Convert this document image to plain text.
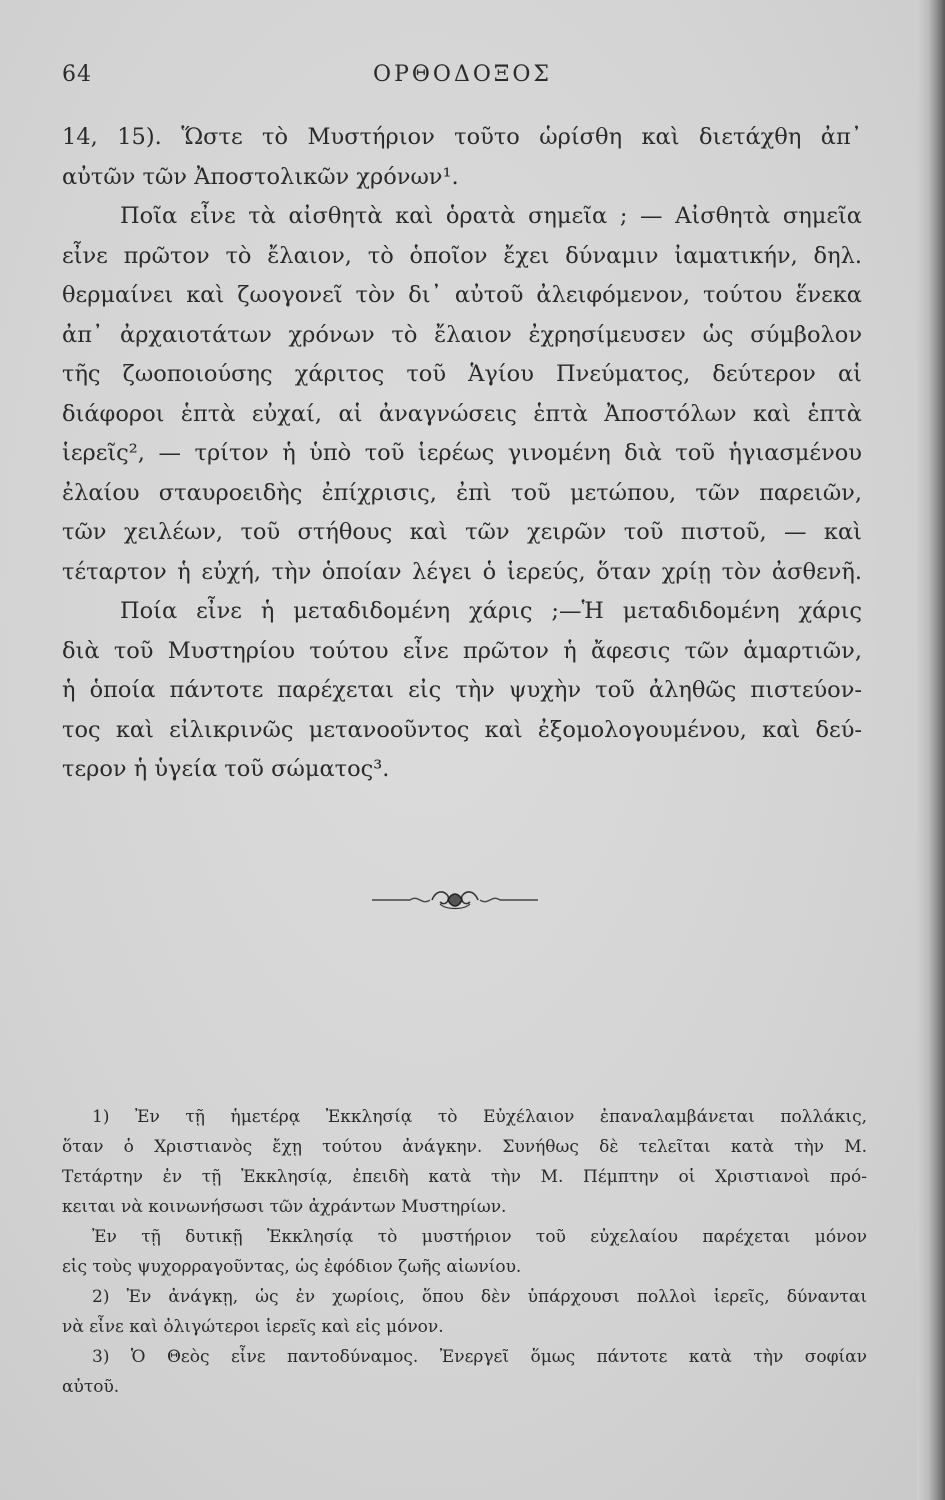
64	ΟΡΘΟΔΟΞΟΣ
14, 15). Ὥστε τὸ Μυστήριον τοῦτο ὡρίσθη καὶ διετάχθη ἀπ᾽
αὐτῶν τῶν Ἀποστολικῶν χρόνων¹.
Ποῖα εἶνε τὰ αἰσθητὰ καὶ ὁρατὰ σημεῖα ; — Αἰσθητὰ σημεῖα
εἶνε πρῶτον τὸ ἔλαιον, τὸ ὁποῖον ἔχει δύναμιν ἰαματικήν, δηλ.
θερμαίνει καὶ ζωογονεῖ τὸν δι᾽ αὐτοῦ ἀλειφόμενον, τούτου ἕνεκα
ἀπ᾽ ἀρχαιοτάτων χρόνων τὸ ἔλαιον ἐχρησίμευσεν ὡς σύμβολον
τῆς ζωοποιούσης χάριτος τοῦ Ἁγίου Πνεύματος, δεύτερον αἱ
διάφοροι ἑπτὰ εὐχαί, αἱ ἀναγνώσεις ἑπτὰ Ἀποστόλων καὶ ἑπτὰ
ἱερεῖς², — τρίτον ἡ ὑπὸ τοῦ ἱερέως γινομένη διὰ τοῦ ἡγιασμένου
ἐλαίου σταυροειδὴς ἐπίχρισις, ἐπὶ τοῦ μετώπου, τῶν παρειῶν,
τῶν χειλέων, τοῦ στήθους καὶ τῶν χειρῶν τοῦ πιστοῦ, — καὶ
τέταρτον ἡ εὐχή, τὴν ὁποίαν λέγει ὁ ἱερεύς, ὅταν χρίῃ τὸν ἀσθενῆ.
Ποία εἶνε ἡ μεταδιδομένη χάρις ;—Ἡ μεταδιδομένη χάρις
διὰ τοῦ Μυστηρίου τούτου εἶνε πρῶτον ἡ ἄφεσις τῶν ἁμαρτιῶν,
ἡ ὁποία πάντοτε παρέχεται εἰς τὴν ψυχὴν τοῦ ἀληθῶς πιστεύον-
τος καὶ εἰλικρινῶς μετανοοῦντος καὶ ἐξομολογουμένου, καὶ δεύ-
τερον ἡ ὑγεία τοῦ σώματος³.
1) Ἐν τῇ ἡμετέρᾳ Ἐκκλησίᾳ τὸ Εὐχέλαιον ἐπαναλαμβάνεται πολλάκις,
ὅταν ὁ Χριστιανὸς ἔχῃ τούτου ἀνάγκην. Συνήθως δὲ τελεῖται κατὰ τὴν Μ.
Τετάρτην ἐν τῇ Ἐκκλησίᾳ, ἐπειδὴ κατὰ τὴν Μ. Πέμπτην οἱ Χριστιανοὶ πρό-
κειται νὰ κοινωνήσωσι τῶν ἀχράντων Μυστηρίων.
Ἐν τῇ δυτικῇ Ἐκκλησίᾳ τὸ μυστήριον τοῦ εὐχελαίου παρέχεται μόνον
εἰς τοὺς ψυχορραγοῦντας, ὡς ἐφόδιον ζωῆς αἰωνίου.
2) Ἐν ἀνάγκῃ, ὡς ἐν χωρίοις, ὅπου δὲν ὑπάρχουσι πολλοὶ ἱερεῖς, δύνανται
νὰ εἶνε καὶ ὀλιγώτεροι ἱερεῖς καὶ εἰς μόνον.
3) Ὁ Θεὸς εἶνε παντοδύναμος. Ἐνεργεῖ ὅμως πάντοτε κατὰ τὴν σοφίαν
αὐτοῦ.
